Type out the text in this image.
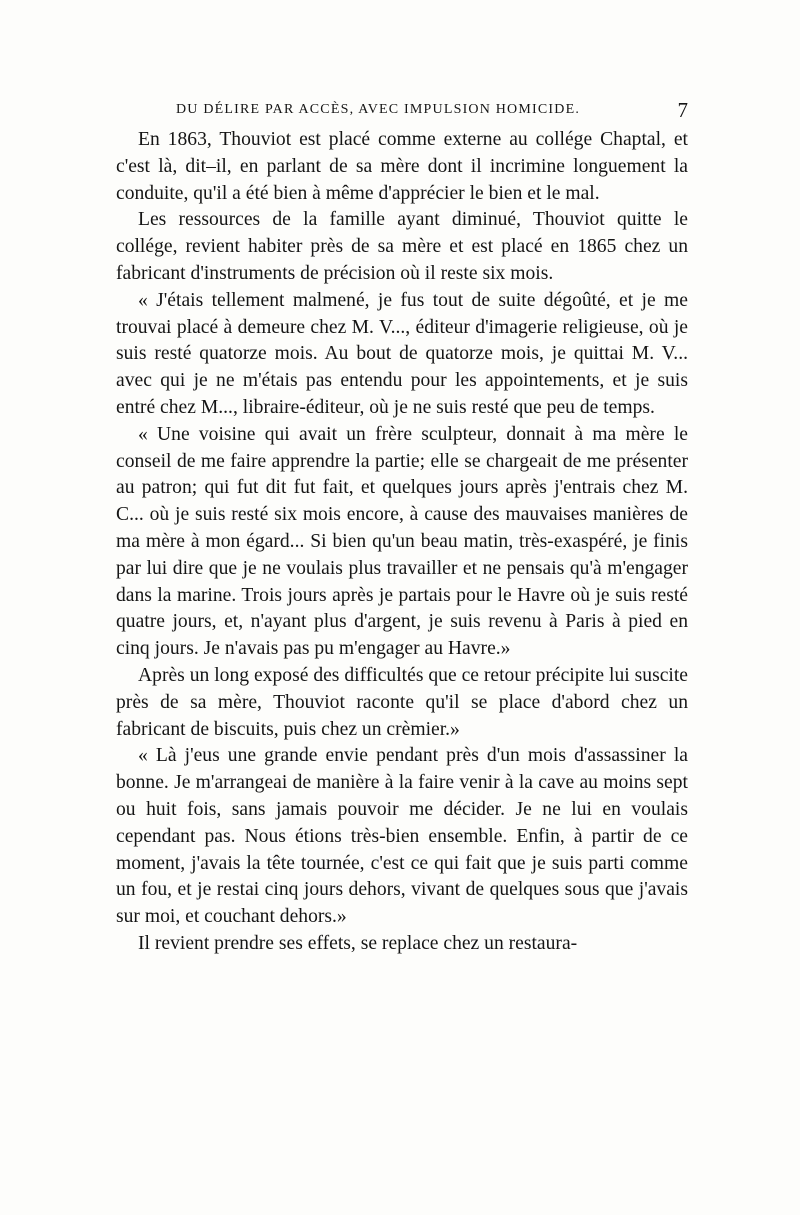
DU DÉLIRE PAR ACCÈS, AVEC IMPULSION HOMICIDE.	7

En 1863, Thouviot est placé comme externe au collége Chaptal, et c'est là, dit–il, en parlant de sa mère dont il incrimine longuement la conduite, qu'il a été bien à même d'apprécier le bien et le mal.

Les ressources de la famille ayant diminué, Thouviot quitte le collége, revient habiter près de sa mère et est placé en 1865 chez un fabricant d'instruments de précision où il reste six mois.

« J'étais tellement malmené, je fus tout de suite dégoûté, et je me trouvai placé à demeure chez M. V..., éditeur d'imagerie religieuse, où je suis resté quatorze mois. Au bout de quatorze mois, je quittai M. V... avec qui je ne m'étais pas entendu pour les appointements, et je suis entré chez M..., libraire-éditeur, où je ne suis resté que peu de temps.

« Une voisine qui avait un frère sculpteur, donnait à ma mère le conseil de me faire apprendre la partie; elle se chargeait de me présenter au patron; qui fut dit fut fait, et quelques jours après j'entrais chez M. C... où je suis resté six mois encore, à cause des mauvaises manières de ma mère à mon égard... Si bien qu'un beau matin, très-exaspéré, je finis par lui dire que je ne voulais plus travailler et ne pensais qu'à m'engager dans la marine. Trois jours après je partais pour le Havre où je suis resté quatre jours, et, n'ayant plus d'argent, je suis revenu à Paris à pied en cinq jours. Je n'avais pas pu m'engager au Havre.»

Après un long exposé des difficultés que ce retour précipite lui suscite près de sa mère, Thouviot raconte qu'il se place d'abord chez un fabricant de biscuits, puis chez un crèmier.»

« Là j'eus une grande envie pendant près d'un mois d'assassiner la bonne. Je m'arrangeai de manière à la faire venir à la cave au moins sept ou huit fois, sans jamais pouvoir me décider. Je ne lui en voulais cependant pas. Nous étions très-bien ensemble. Enfin, à partir de ce moment, j'avais la tête tournée, c'est ce qui fait que je suis parti comme un fou, et je restai cinq jours dehors, vivant de quelques sous que j'avais sur moi, et couchant dehors.»

Il revient prendre ses effets, se replace chez un restaura-
